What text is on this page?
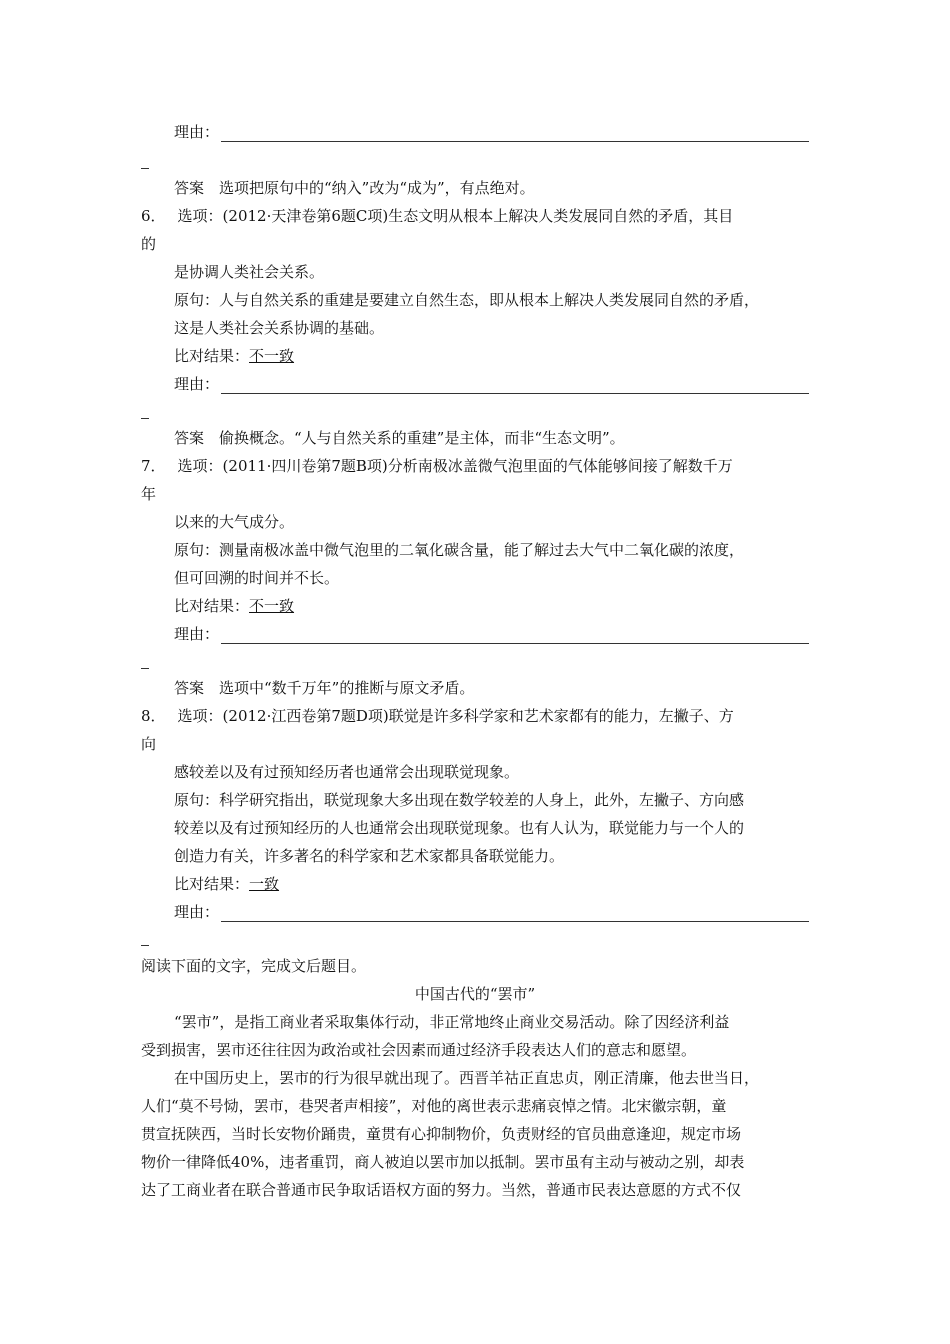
理由：
答案　选项把原句中的“纳入”改为“成为”，有点绝对。
6． 选项：(2012·天津卷第6题C项)生态文明从根本上解决人类发展同自然的矛盾，其目
的
是协调人类社会关系。
原句：人与自然关系的重建是要建立自然生态，即从根本上解决人类发展同自然的矛盾，
这是人类社会关系协调的基础。
比对结果：不一致
理由：
答案　偷换概念。“人与自然关系的重建”是主体，而非“生态文明”。
7． 选项：(2011·四川卷第7题B项)分析南极冰盖微气泡里面的气体能够间接了解数千万
年
以来的大气成分。
原句：测量南极冰盖中微气泡里的二氧化碳含量，能了解过去大气中二氧化碳的浓度，
但可回溯的时间并不长。
比对结果：不一致
理由：
答案　选项中“数千万年”的推断与原文矛盾。
8． 选项：(2012·江西卷第7题D项)联觉是许多科学家和艺术家都有的能力，左撇子、方
向
感较差以及有过预知经历者也通常会出现联觉现象。
原句：科学研究指出，联觉现象大多出现在数学较差的人身上，此外，左撇子、方向感
较差以及有过预知经历的人也通常会出现联觉现象。也有人认为，联觉能力与一个人的
创造力有关，许多著名的科学家和艺术家都具备联觉能力。
比对结果：一致
理由：
阅读下面的文字，完成文后题目。
中国古代的“罢市”
“罢市”，是指工商业者采取集体行动，非正常地终止商业交易活动。除了因经济利益
受到损害，罢市还往往因为政治或社会因素而通过经济手段表达人们的意志和愿望。
在中国历史上，罢市的行为很早就出现了。西晋羊祜正直忠贞，刚正清廉，他去世当日，
人们“莫不号恸，罢市，巷哭者声相接”，对他的离世表示悲痛哀悼之情。北宋徽宗朝，童
贯宣抚陕西，当时长安物价踊贵，童贯有心抑制物价，负责财经的官员曲意逢迎，规定市场
物价一律降低40%，违者重罚，商人被迫以罢市加以抵制。罢市虽有主动与被动之别，却表
达了工商业者在联合普通市民争取话语权方面的努力。当然，普通市民表达意愿的方式不仅
